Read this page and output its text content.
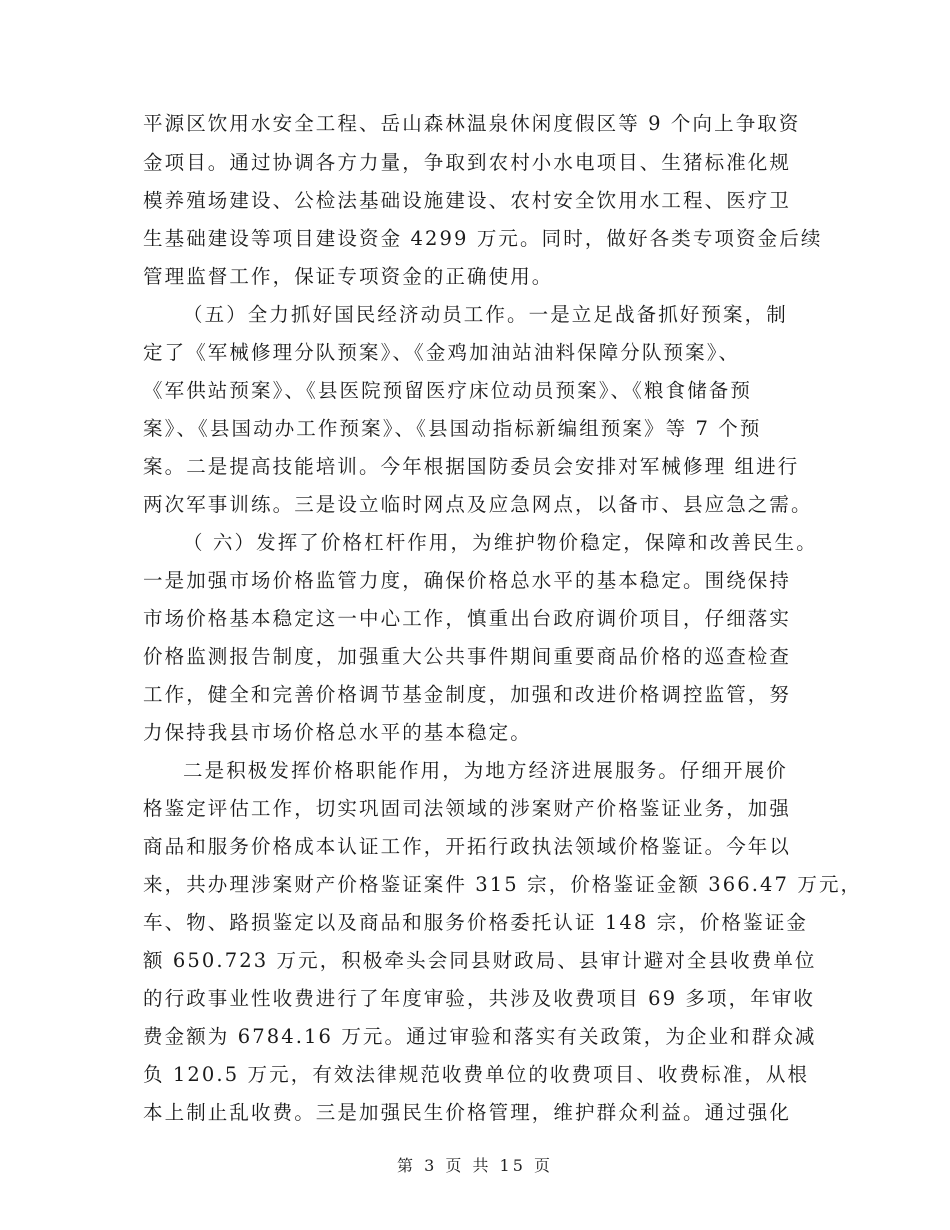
平源区饮用水安全工程、岳山森林温泉休闲度假区等 9 个向上争取资
金项目。通过协调各方力量，争取到农村小水电项目、生猪标准化规
模养殖场建设、公检法基础设施建设、农村安全饮用水工程、医疗卫
生基础建设等项目建设资金 4299 万元。同时，做好各类专项资金后续
管理监督工作，保证专项资金的正确使用。
（五）全力抓好国民经济动员工作。一是立足战备抓好预案，制
定了《军械修理分队预案》、《金鸡加油站油料保障分队预案》、
《军供站预案》、《县医院预留医疗床位动员预案》、《粮食储备预
案》、《县国动办工作预案》、《县国动指标新编组预案》等 7 个预
案。二是提高技能培训。今年根据国防委员会安排对军械修理 组进行
两次军事训练。三是设立临时网点及应急网点，以备市、县应急之需。
（ 六）发挥了价格杠杆作用，为维护物价稳定，保障和改善民生。
一是加强市场价格监管力度，确保价格总水平的基本稳定。围绕保持
市场价格基本稳定这一中心工作，慎重出台政府调价项目，仔细落实
价格监测报告制度，加强重大公共事件期间重要商品价格的巡查检查
工作，健全和完善价格调节基金制度，加强和改进价格调控监管，努
力保持我县市场价格总水平的基本稳定。
二是积极发挥价格职能作用，为地方经济进展服务。仔细开展价
格鉴定评估工作，切实巩固司法领域的涉案财产价格鉴证业务，加强
商品和服务价格成本认证工作，开拓行政执法领域价格鉴证。今年以
来，共办理涉案财产价格鉴证案件 315 宗，价格鉴证金额 366.47 万元，
车、物、路损鉴定以及商品和服务价格委托认证 148 宗，价格鉴证金
额 650.723 万元，积极牵头会同县财政局、县审计避对全县收费单位
的行政事业性收费进行了年度审验，共涉及收费项目 69 多项，年审收
费金额为 6784.16 万元。通过审验和落实有关政策，为企业和群众减
负 120.5 万元，有效法律规范收费单位的收费项目、收费标准，从根
本上制止乱收费。三是加强民生价格管理，维护群众利益。通过强化
第 3 页 共 15 页
